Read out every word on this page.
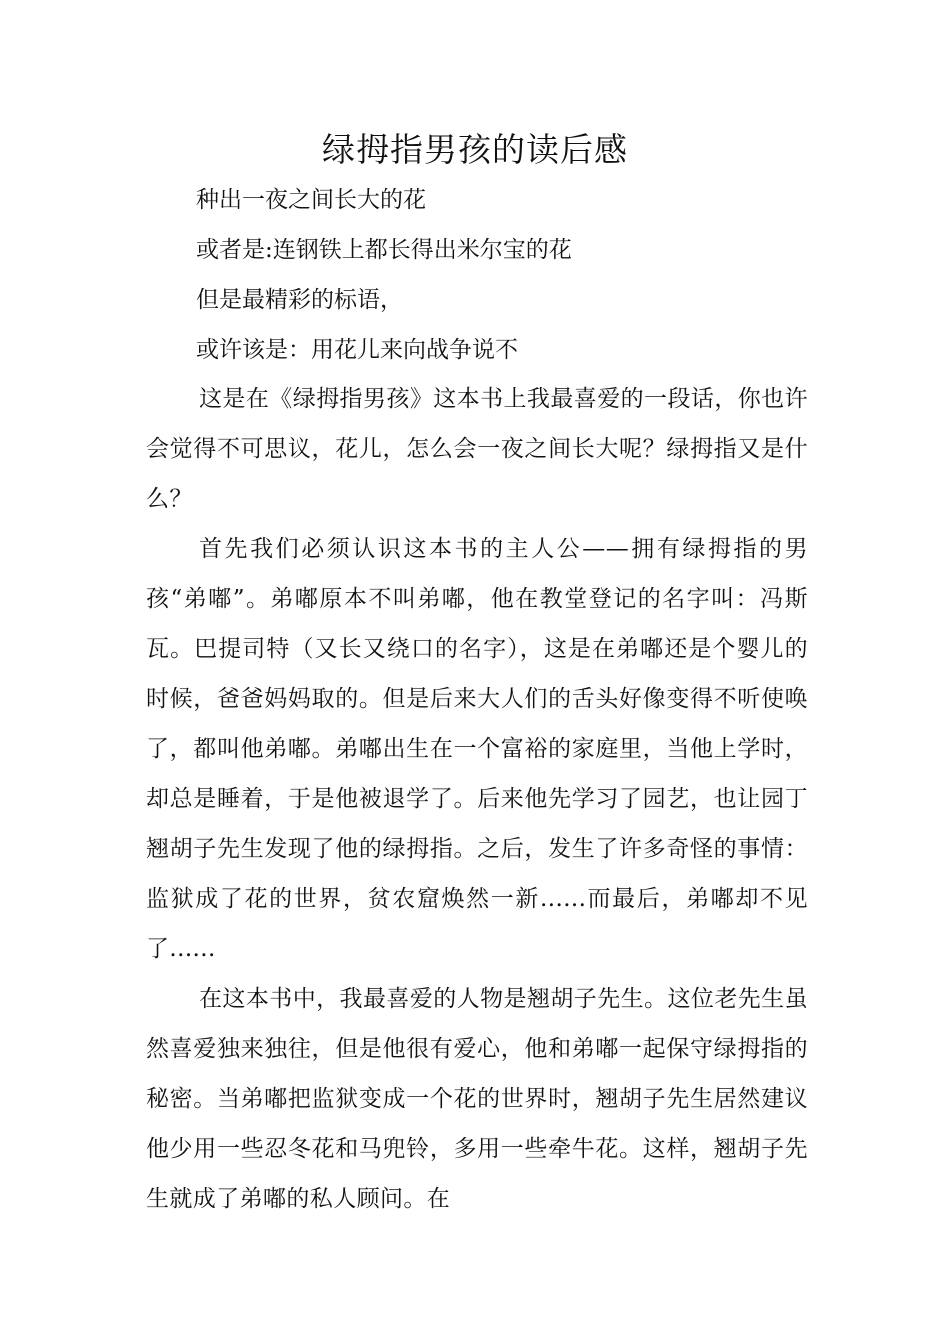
绿拇指男孩的读后感
种出一夜之间长大的花
或者是:连钢铁上都长得出米尔宝的花
但是最精彩的标语，
或许该是：用花儿来向战争说不

这是在《绿拇指男孩》这本书上我最喜爱的一段话，你也许会觉得不可思议，花儿，怎么会一夜之间长大呢？绿拇指又是什么？

首先我们必须认识这本书的主人公——拥有绿拇指的男孩“弟嘟”。弟嘟原本不叫弟嘟，他在教堂登记的名字叫：冯斯瓦。巴提司特（又长又绕口的名字），这是在弟嘟还是个婴儿的时候，爸爸妈妈取的。但是后来大人们的舌头好像变得不听使唤了，都叫他弟嘟。弟嘟出生在一个富裕的家庭里，当他上学时，却总是睡着，于是他被退学了。后来他先学习了园艺，也让园丁翘胡子先生发现了他的绿拇指。之后，发生了许多奇怪的事情：监狱成了花的世界，贫农窟焕然一新......而最后，弟嘟却不见了......

在这本书中，我最喜爱的人物是翘胡子先生。这位老先生虽然喜爱独来独往，但是他很有爱心，他和弟嘟一起保守绿拇指的秘密。当弟嘟把监狱变成一个花的世界时，翘胡子先生居然建议他少用一些忍冬花和马兜铃，多用一些牵牛花。这样，翘胡子先生就成了弟嘟的私人顾问。在
